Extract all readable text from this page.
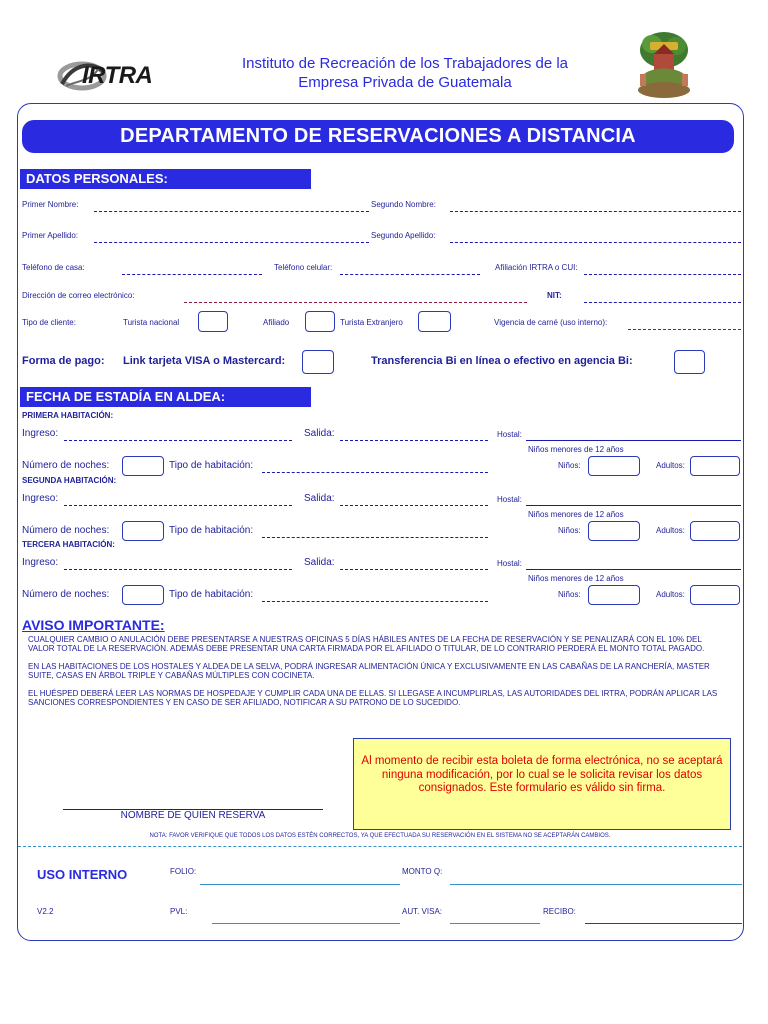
IRTRA	Instituto de Recreación de los Trabajadores de la
Empresa Privada de Guatemala
DEPARTAMENTO DE RESERVACIONES A DISTANCIA
DATOS PERSONALES:
Primer Nombre:	Segundo Nombre:
Primer Apellido:	Segundo Apellido:
Teléfono de casa:	Teléfono celular:	Afiliación IRTRA o CUI:
Dirección de correo electrónico:	NIT:
Tipo de cliente:	Turista nacional	Afiliado	Turista Extranjero	Vigencia de carné (uso interno):
Forma de pago: Link tarjeta VISA o Mastercard:	Transferencia Bi en línea o efectivo en agencia Bi:
FECHA DE ESTADÍA EN ALDEA:
PRIMERA HABITACIÓN:
Ingreso:	Salida:	Hostal:
Niños menores de 12 años
Número de noches:	Tipo de habitación:	Niños:	Adultos:
SEGUNDA HABITACIÓN:
Ingreso:	Salida:	Hostal:
Niños menores de 12 años
Número de noches:	Tipo de habitación:	Niños:	Adultos:
TERCERA HABITACIÓN:
Ingreso:	Salida:	Hostal:
Niños menores de 12 años
Número de noches:	Tipo de habitación:	Niños:	Adultos:
AVISO IMPORTANTE:

CUALQUIER CAMBIO O ANULACIÓN DEBE PRESENTARSE A NUESTRAS OFICINAS 5 DÍAS HÁBILES ANTES DE LA FECHA DE RESERVACIÓN Y SE PENALIZARÁ CON EL 10% DEL VALOR TOTAL DE LA RESERVACIÓN. ADEMÁS DEBE PRESENTAR UNA CARTA FIRMADA POR EL AFILIADO O TITULAR, DE LO CONTRARIO PERDERÁ EL MONTO TOTAL PAGADO.

EN LAS HABITACIONES DE LOS HOSTALES Y ALDEA DE LA SELVA, PODRÁ INGRESAR ALIMENTACIÓN ÚNICA Y EXCLUSIVAMENTE EN LAS CABAÑAS DE LA RANCHERÍA, MASTER SUITE, CASAS EN ÁRBOL TRIPLE Y CABAÑAS MÚLTIPLES CON COCINETA.

EL HUÉSPED DEBERÁ LEER LAS NORMAS DE HOSPEDAJE Y CUMPLIR CADA UNA DE ELLAS. SI LLEGASE A INCUMPLIRLAS, LAS AUTORIDADES DEL IRTRA, PODRÁN APLICAR LAS SANCIONES CORRESPONDIENTES Y EN CASO DE SER AFILIADO, NOTIFICAR A SU PATRONO DE LO SUCEDIDO.

Al momento de recibir esta boleta de forma electrónica, no se aceptará ninguna modificación, por lo cual se le solicita revisar los datos consignados. Este formulario es válido sin firma.
NOMBRE DE QUIEN RESERVA
NOTA: FAVOR VERIFIQUE QUE TODOS LOS DATOS ESTÉN CORRECTOS, YA QUE EFECTUADA SU RESERVACIÓN EN EL SISTEMA NO SE ACEPTARÁN CAMBIOS.
USO INTERNO	FOLIO:	MONTO Q:
V2.2	PVL:	AUT. VISA:	RECIBO:
